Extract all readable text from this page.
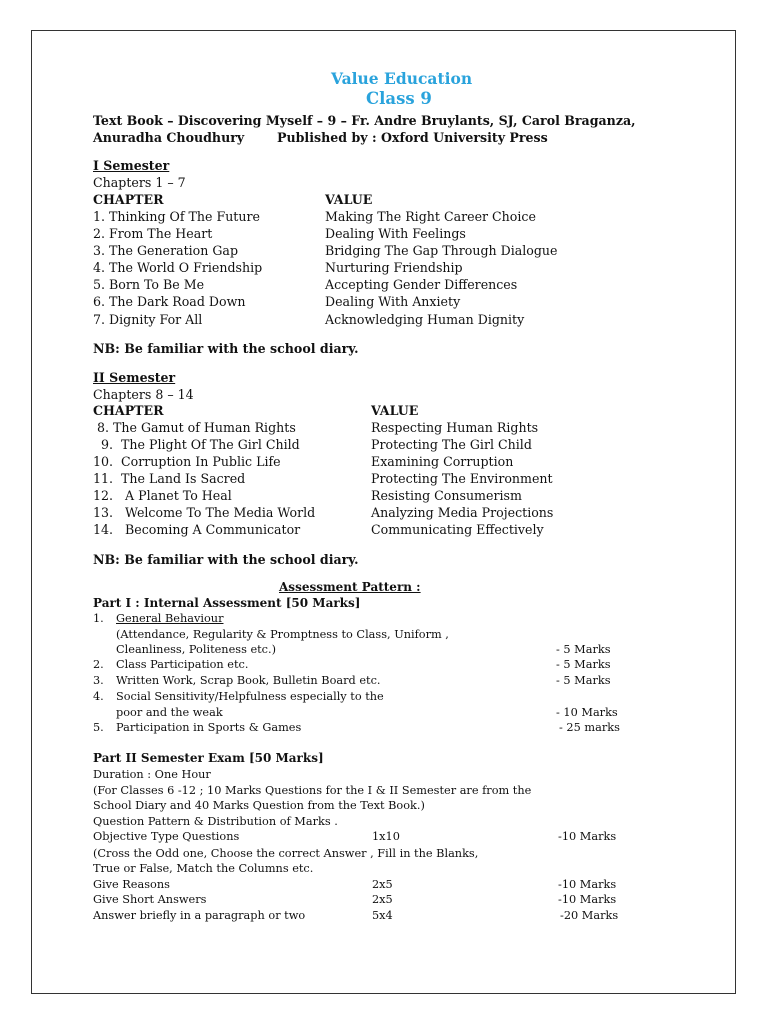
Value Education
Class 9
Text Book – Discovering Myself – 9 – Fr. Andre Bruylants, SJ, Carol Braganza,
Anuradha Choudhury	Published by : Oxford University Press
I Semester
Chapters 1 – 7
CHAPTER	VALUE
1. Thinking Of The Future	Making The Right Career Choice
2. From The Heart	Dealing With Feelings
3. The Generation Gap	Bridging The Gap Through Dialogue
4. The World O Friendship	Nurturing Friendship
5. Born To Be Me	Accepting Gender Differences
6. The Dark Road Down	Dealing With Anxiety
7. Dignity For All	Acknowledging Human Dignity
NB: Be familiar with the school diary.
II Semester
Chapters 8 – 14
CHAPTER	VALUE
8. The Gamut of Human Rights	Respecting Human Rights
9.  The Plight Of The Girl Child	Protecting The Girl Child
10.  Corruption In Public Life	Examining Corruption
11.  The Land Is Sacred	Protecting The Environment
12.   A Planet To Heal	Resisting Consumerism
13.   Welcome To The Media World	Analyzing Media Projections
14.   Becoming A Communicator	Communicating Effectively
NB: Be familiar with the school diary.
Assessment Pattern :
Part I : Internal Assessment [50 Marks]
1. General Behaviour
(Attendance, Regularity & Promptness to Class, Uniform ,
Cleanliness, Politeness etc.)	- 5 Marks
2. Class Participation etc.	- 5 Marks
3. Written Work, Scrap Book, Bulletin Board etc.	- 5 Marks
4. Social Sensitivity/Helpfulness especially to the
poor and the weak	- 10 Marks
5. Participation in Sports & Games	- 25 marks
Part II Semester Exam [50 Marks]
Duration : One Hour
(For Classes 6 -12 ; 10 Marks Questions for the I & II Semester are from the
School Diary and 40 Marks Question from the Text Book.)
Question Pattern & Distribution of Marks .
Objective Type Questions	1x10	-10 Marks
(Cross the Odd one, Choose the correct Answer , Fill in the Blanks,
True or False, Match the Columns etc.
Give Reasons	2x5	-10 Marks
Give Short Answers	2x5	-10 Marks
Answer briefly in a paragraph or two	5x4	-20 Marks
